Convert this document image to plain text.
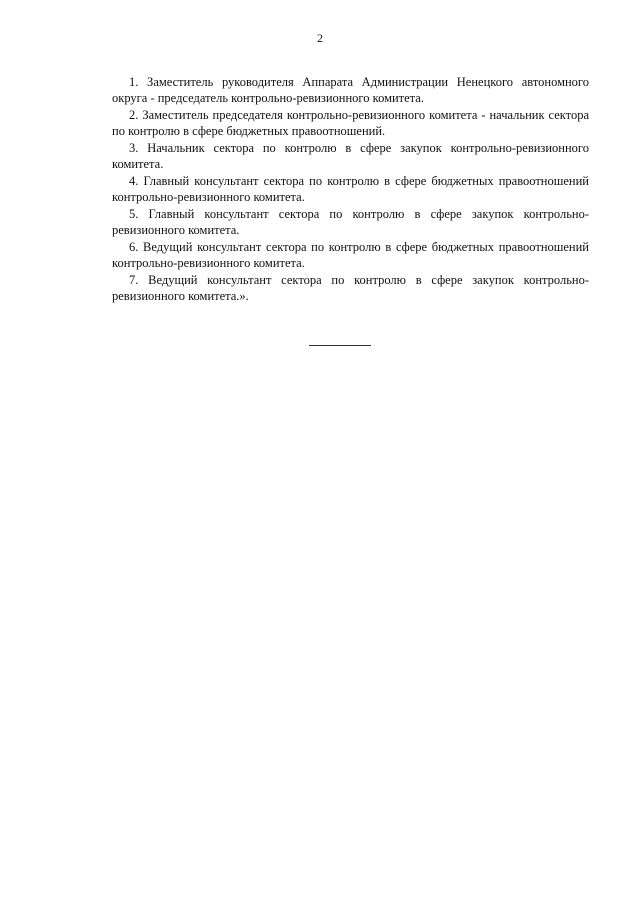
2

1. Заместитель руководителя Аппарата Администрации Ненецкого автономного округа - председатель контрольно-ревизионного комитета.

2. Заместитель председателя контрольно-ревизионного комитета - начальник сектора по контролю в сфере бюджетных правоотношений.

3. Начальник сектора по контролю в сфере закупок контрольно-ревизионного комитета.

4. Главный консультант сектора по контролю в сфере бюджетных правоотношений контрольно-ревизионного комитета.

5. Главный консультант сектора по контролю в сфере закупок контрольно-ревизионного комитета.

6. Ведущий консультант сектора по контролю в сфере бюджетных правоотношений контрольно-ревизионного комитета.

7. Ведущий консультант сектора по контролю в сфере закупок контрольно-ревизионного комитета.».
